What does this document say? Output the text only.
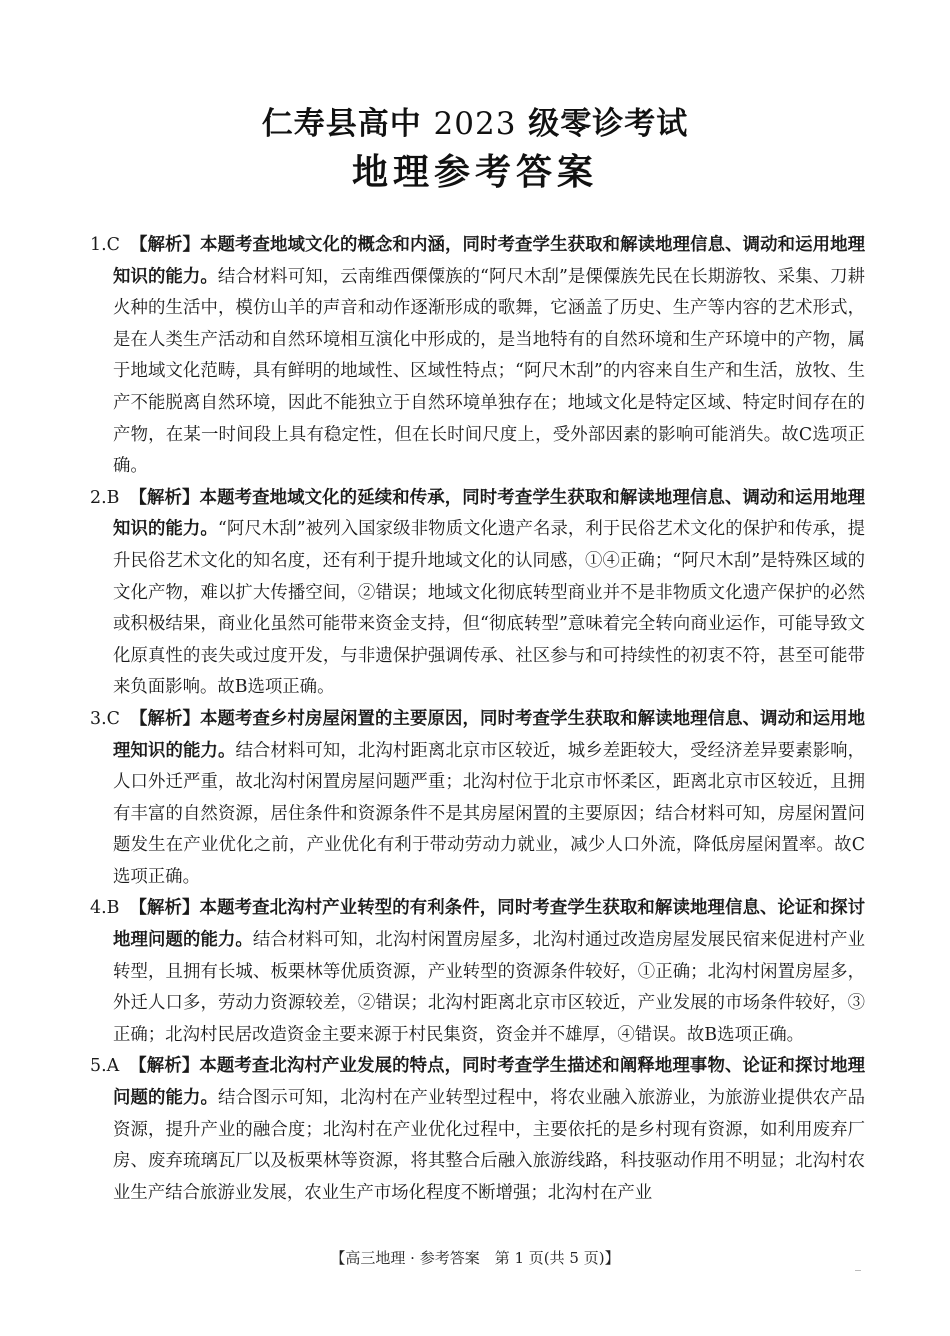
仁寿县高中 2023 级零诊考试
地理参考答案
1.C 【解析】本题考查地域文化的概念和内涵，同时考查学生获取和解读地理信息、调动和运用地理知识的能力。结合材料可知，云南维西傈僳族的“阿尺木刮”是傈僳族先民在长期游牧、采集、刀耕火种的生活中，模仿山羊的声音和动作逐渐形成的歌舞，它涵盖了历史、生产等内容的艺术形式，是在人类生产活动和自然环境相互演化中形成的，是当地特有的自然环境和生产环境中的产物，属于地域文化范畴，具有鲜明的地域性、区域性特点；“阿尺木刮”的内容来自生产和生活，放牧、生产不能脱离自然环境，因此不能独立于自然环境单独存在；地域文化是特定区域、特定时间存在的产物，在某一时间段上具有稳定性，但在长时间尺度上，受外部因素的影响可能消失。故C选项正确。
2.B 【解析】本题考查地域文化的延续和传承，同时考查学生获取和解读地理信息、调动和运用地理知识的能力。“阿尺木刮”被列入国家级非物质文化遗产名录，利于民俗艺术文化的保护和传承，提升民俗艺术文化的知名度，还有利于提升地域文化的认同感，①④正确；“阿尺木刮”是特殊区域的文化产物，难以扩大传播空间，②错误；地域文化彻底转型商业并不是非物质文化遗产保护的必然或积极结果，商业化虽然可能带来资金支持，但“彻底转型”意味着完全转向商业运作，可能导致文化原真性的丧失或过度开发，与非遗保护强调传承、社区参与和可持续性的初衷不符，甚至可能带来负面影响。故B选项正确。
3.C 【解析】本题考查乡村房屋闲置的主要原因，同时考查学生获取和解读地理信息、调动和运用地理知识的能力。结合材料可知，北沟村距离北京市区较近，城乡差距较大，受经济差异要素影响，人口外迁严重，故北沟村闲置房屋问题严重；北沟村位于北京市怀柔区，距离北京市区较近，且拥有丰富的自然资源，居住条件和资源条件不是其房屋闲置的主要原因；结合材料可知，房屋闲置问题发生在产业优化之前，产业优化有利于带动劳动力就业，减少人口外流，降低房屋闲置率。故C选项正确。
4.B 【解析】本题考查北沟村产业转型的有利条件，同时考查学生获取和解读地理信息、论证和探讨地理问题的能力。结合材料可知，北沟村闲置房屋多，北沟村通过改造房屋发展民宿来促进村产业转型，且拥有长城、板栗林等优质资源，产业转型的资源条件较好，①正确；北沟村闲置房屋多，外迁人口多，劳动力资源较差，②错误；北沟村距离北京市区较近，产业发展的市场条件较好，③正确；北沟村民居改造资金主要来源于村民集资，资金并不雄厚，④错误。故B选项正确。
5.A 【解析】本题考查北沟村产业发展的特点，同时考查学生描述和阐释地理事物、论证和探讨地理问题的能力。结合图示可知，北沟村在产业转型过程中，将农业融入旅游业，为旅游业提供农产品资源，提升产业的融合度；北沟村在产业优化过程中，主要依托的是乡村现有资源，如利用废弃厂房、废弃琉璃瓦厂以及板栗林等资源，将其整合后融入旅游线路，科技驱动作用不明显；北沟村农业生产结合旅游业发展，农业生产市场化程度不断增强；北沟村在产业
【高三地理 · 参考答案　第 1 页(共 5 页)】
